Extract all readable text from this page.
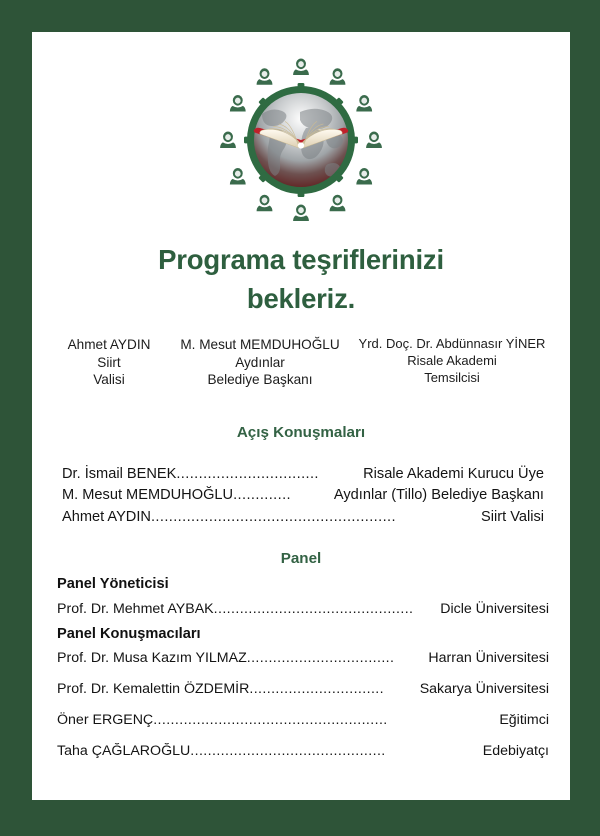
Programa teşriflerinizi
bekleriz.
Ahmet AYDIN
Siirt
Valisi
M. Mesut MEMDUHOĞLU
Aydınlar
Belediye Başkanı
Yrd. Doç. Dr. Abdünnasır YİNER
Risale Akademi
Temsilcisi
Açış Konuşmaları
Dr. İsmail BENEK ................................	Risale Akademi Kurucu Üye
M. Mesut MEMDUHOĞLU .............	Aydınlar (Tillo) Belediye Başkanı
Ahmet AYDIN .......................................................	Siirt Valisi
Panel
Panel Yöneticisi
Prof. Dr. Mehmet AYBAK ..............................................	Dicle Üniversitesi
Panel Konuşmacıları
Prof. Dr. Musa Kazım YILMAZ ..................................	Harran Üniversitesi
Prof. Dr. Kemalettin ÖZDEMİR ...............................	Sakarya Üniversitesi
Öner ERGENÇ ......................................................	Eğitimci
Taha ÇAĞLAROĞLU .............................................	Edebiyatçı
